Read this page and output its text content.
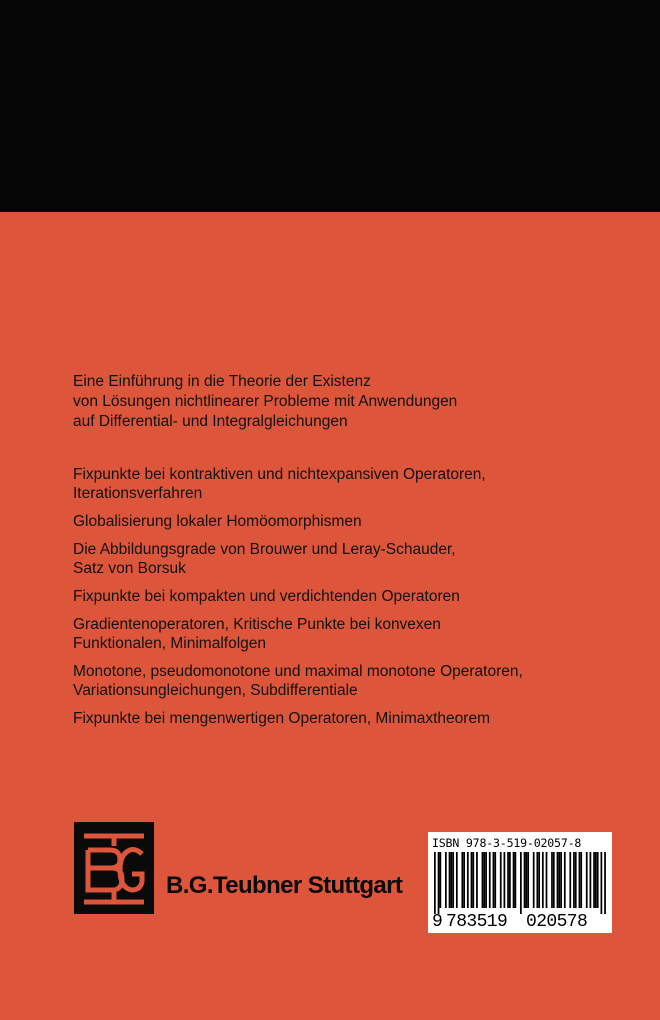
Eine Einführung in die Theorie der Existenz
von Lösungen nichtlinearer Probleme mit Anwendungen
auf Differential- und Integralgleichungen
Fixpunkte bei kontraktiven und nichtexpansiven Operatoren,
Iterationsverfahren
Globalisierung lokaler Homöomorphismen
Die Abbildungsgrade von Brouwer und Leray-Schauder,
Satz von Borsuk
Fixpunkte bei kompakten und verdichtenden Operatoren
Gradientenoperatoren, Kritische Punkte bei konvexen
Funktionalen, Minimalfolgen
Monotone, pseudomonotone und maximal monotone Operatoren,
Variationsungleichungen, Subdifferentiale
Fixpunkte bei mengenwertigen Operatoren, Minimaxtheorem
B.G.Teubner Stuttgart
ISBN 978-3-519-02057-8
9 783519 020578
